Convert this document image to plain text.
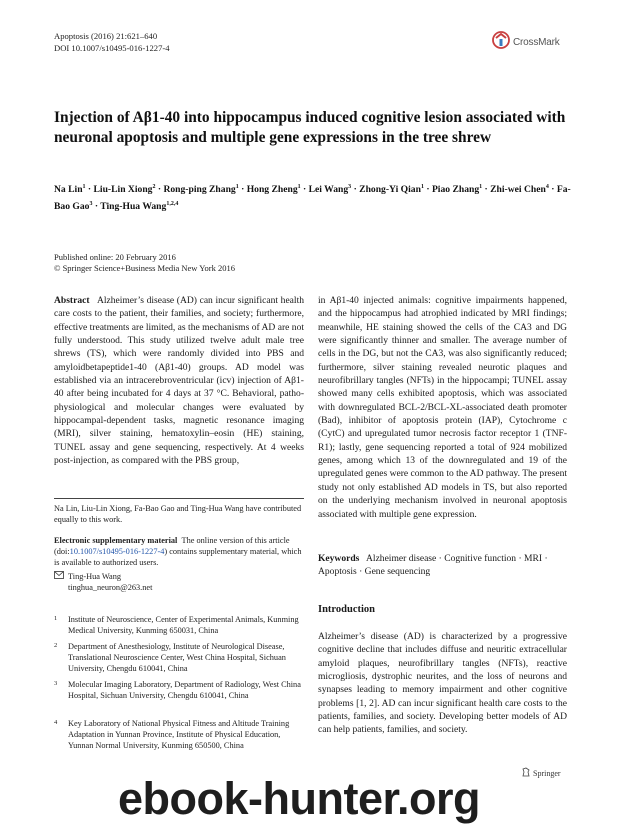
Apoptosis (2016) 21:621–640
DOI 10.1007/s10495-016-1227-4	CrossMark
Injection of Aβ1-40 into hippocampus induced cognitive lesion associated with neuronal apoptosis and multiple gene expressions in the tree shrew
Na Lin$^1$ · Liu-Lin Xiong$^2$ · Rong-ping Zhang$^1$ · Hong Zheng$^1$ · Lei Wang$^3$ · Zhong-Yi Qian$^1$ · Piao Zhang$^1$ · Zhi-wei Chen$^4$ · Fa-Bao Gao$^3$ · Ting-Hua Wang$^{1,2,4}$
Published online: 20 February 2016
© Springer Science+Business Media New York 2016
Abstract Alzheimer’s disease (AD) can incur significant health care costs to the patient, their families, and society; furthermore, effective treatments are limited, as the mechanisms of AD are not fully understood. This study utilized twelve adult male tree shrews (TS), which were randomly divided into PBS and amyloidbetapeptide1-40 (Aβ1-40) groups. AD model was established via an intracerebroventricular (icv) injection of Aβ1-40 after being incubated for 4 days at 37 °C. Behavioral, patho-physiological and molecular changes were evaluated by hippocampal-dependent tasks, magnetic resonance imaging (MRI), silver staining, hematoxylin–eosin (HE) staining, TUNEL assay and gene sequencing, respectively. At 4 weeks post-injection, as compared with the PBS group,
in Aβ1-40 injected animals: cognitive impairments happened, and the hippocampus had atrophied indicated by MRI findings; meanwhile, HE staining showed the cells of the CA3 and DG were significantly thinner and smaller. The average number of cells in the DG, but not the CA3, was also significantly reduced; furthermore, silver staining revealed neurotic plaques and neurofibrillary tangles (NFTs) in the hippocampi; TUNEL assay showed many cells exhibited apoptosis, which was associated with downregulated BCL-2/BCL-XL-associated death promoter (Bad), inhibitor of apoptosis protein (IAP), Cytochrome c (CytC) and upregulated tumor necrosis factor receptor 1 (TNF-R1); lastly, gene sequencing reported a total of 924 mobilized genes, among which 13 of the downregulated and 19 of the upregulated genes were common to the AD pathway. The present study not only established AD models in TS, but also reported on the underlying mechanism involved in neuronal apoptosis associated with multiple gene expression.
Na Lin, Liu-Lin Xiong, Fa-Bao Gao and Ting-Hua Wang have contributed equally to this work.
Electronic supplementary material The online version of this article (doi:10.1007/s10495-016-1227-4) contains supplementary material, which is available to authorized users.
Ting-Hua Wang
tinghua_neuron@263.net
1	Institute of Neuroscience, Center of Experimental Animals, Kunming Medical University, Kunming 650031, China
2	Department of Anesthesiology, Institute of Neurological Disease, Translational Neuroscience Center, West China Hospital, Sichuan University, Chengdu 610041, China
3	Molecular Imaging Laboratory, Department of Radiology, West China Hospital, Sichuan University, Chengdu 610041, China
4	Key Laboratory of National Physical Fitness and Altitude Training Adaptation in Yunnan Province, Institute of Physical Education, Yunnan Normal University, Kunming 650500, China
Keywords Alzheimer disease · Cognitive function · MRI · Apoptosis · Gene sequencing
Introduction
Alzheimer’s disease (AD) is characterized by a progressive cognitive decline that includes diffuse and neuritic extracellular amyloid plaques, neurofibrillary tangles (NFTs), reactive microgliosis, dystrophic neurites, and the loss of neurons and synapses leading to memory impairment and other cognitive problems [1, 2]. AD can incur significant health care costs to the patients, families, and society. Developing better models of AD can help patients, families, and society.
Springer
ebook-hunter.org
